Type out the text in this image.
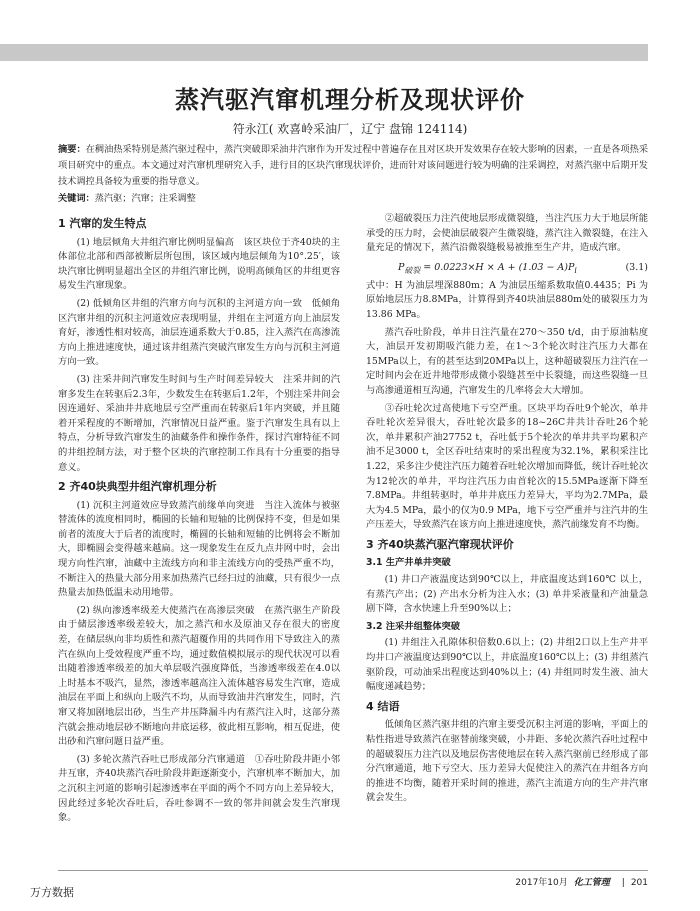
蒸汽驱汽窜机理分析及现状评价

符永江( 欢喜岭采油厂，辽宁 盘锦 124114)

摘要：在稠油热采特别是蒸汽驱过程中，蒸汽突破即采油井汽窜作为开发过程中普遍存在且对区块开发效果存在较大影响的因素，一直是各项热采项目研究中的重点。本文通过对汽窜机理研究入手，进行目的区块汽窜现状评价，进而针对该问题进行较为明确的注采调控，对蒸汽驱中后期开发技术调控具备较为重要的指导意义。

关键词：蒸汽驱；汽窜；注采调整

1 汽窜的发生特点

(1) 地层倾角大井组汽窜比例明显偏高　该区块位于齐40块的主体部位北部和西部被断层所包围，该区域内地层倾角为10°.25′，该块汽窜比例明显超出全区的井组汽窜比例，说明高倾角区的井组更容易发生汽窜现象。

(2) 低倾角区井组的汽窜方向与沉积的主河道方向一致　低倾角区汽窜井组的沉积主河道效应表现明显，并组在主河道方向上油层发育好，渗透性相对较高，油层连通系数大于0.85，注入蒸汽在高渗流方向上推进速度快，通过该井组蒸汽突破汽窜发生方向与沉积主河道方向一致。

(3) 注采井间汽窜发生时间与生产时间差异较大　注采井间的汽窜多发生在转驱后2.3年，少数发生在转驱后1.2年，个别注采井间会因连通好、采油井井底地层亏空严重而在转驱后1年内突破，并且随着开采程度的不断增加，汽窜情况日益严重。鉴于汽窜发生具有以上特点，分析导致汽窜发生的油藏条件和操作条件，探讨汽窜特征不同的井组控制方法，对于整个区块的汽窜控制工作具有十分重要的指导意义。

2 齐40块典型井组汽窜机理分析

(1) 沉积主河道效应导致蒸汽前缘单向突进　当注入流体与被驱替流体的流度相同时，椭圆的长轴和短轴的比例保持不变，但是如果前者的流度大于后者的流度时，椭圆的长轴和短轴的比例将会不断加大，即椭圆会变得越来越扁。这一现象发生在反九点井网中时，会出现方向性汽窜，油藏中主流线方向和非主流线方向的受热严重不均，不断注入的热量大部分用来加热蒸汽已经扫过的油藏，只有很少一点热量去加热低温未动用地带。

(2) 纵向渗透率级差大使蒸汽在高渗层突破　在蒸汽驱生产阶段由于储层渗透率级差较大，加之蒸汽和水及原油又存在很大的密度差，在储层纵向非均质性和蒸汽超覆作用的共同作用下导致注入的蒸汽在纵向上受效程度严重不均，通过数值模拟展示的现代状况可以看出随着渗透率级差的加大单层吸汽强度降低，当渗透率级差在4.0以上时基本不吸汽，显然，渗透率越高注入流体越容易发生汽窜，造成油层在平面上和纵向上吸汽不均，从而导致油井汽窜发生，同时，汽窜又将加剧地层出砂，当生产井压降漏斗内有蒸汽注入时，这部分蒸汽就会推动地层砂不断地向井底运移，彼此相互影响，相互促进，使出砂和汽窜问题日益严重。

(3) 多轮次蒸汽吞吐已形成部分汽窜通道　①吞吐阶段井距小邻井互窜，齐40块蒸汽吞吐阶段井距逐渐变小，汽窜机率不断加大，加之沉积主河道的影响引起渗透率在平面的两个不同方向上差异较大，因此经过多轮次吞吐后，吞吐参调不一致的邻井间就会发生汽窜现象。

②超破裂压力注汽使地层形成微裂缝，当注汽压力大于地层所能承受的压力时，会使油层破裂产生微裂缝，蒸汽注入微裂缝，在注入量充足的情况下，蒸汽沿微裂缝极易被推至生产井，造成汽窜。

$P_{破裂} = 0.0223\times H \times A + (1.03 - A)P_i$	(3.1)

式中：H 为油层埋深880m；A 为油层压缩系数取值0.4435；Pi 为原始地层压力8.8MPa，计算得到齐40块油层880m处的破裂压力为13.86 MPa。

蒸汽吞吐阶段，单井日注汽量在270～350 t/d，由于原油粘度大，油层开发初期吸汽能力差，在1～3个轮次时注汽压力大都在15MPa以上，有的甚至达到20MPa以上，这种超破裂压力注汽在一定时间内会在近井地带形成微小裂缝甚至中长裂缝，而这些裂缝一旦与高渗通道相互沟通，汽窜发生的几率将会大大增加。

③吞吐轮次过高使地下亏空严重。区块平均吞吐9个轮次，单井吞吐轮次差异很大，吞吐轮次最多的18~26C井共计吞吐26个轮次，单井累积产油27752 t，吞吐低于5个轮次的单井共平均累积产油不足3000 t，全区吞吐结束时的采出程度为32.1%，累积采注比1.22，采多注少使注汽压力随着吞吐轮次增加而降低，统计吞吐轮次为12轮次的单井，平均注汽压力由首轮次的15.5MPa逐渐下降至7.8MPa。井组转驱时，单井井底压力差异大，平均为2.7MPa，最大为4.5 MPa，最小的仅为0.9 MPa，地下亏空严重并与注汽井的生产压差大，导致蒸汽在该方向上推进速度快，蒸汽前缘发育不均衡。

3 齐40块蒸汽驱汽窜现状评价
3.1 生产井单井突破

(1) 井口产液温度达到90℃以上，井底温度达到160℃ 以上，有蒸汽产出；(2) 产出水分析为注入水；(3) 单井采液量和产油量急剧下降，含水快速上升至90%以上；

3.2 注采井组整体突破

(1) 井组注入孔隙体积倍数0.6以上；(2) 井组2口以上生产井平均井口产液温度达到90℃以上，井底温度160℃以上；(3) 井组蒸汽驱阶段，可动油采出程度达到40%以上；(4) 井组同时发生液、油大幅度递减趋势；

4 结语

低倾角区蒸汽驱井组的汽窜主要受沉积主河道的影响，平面上的粘性指进导致蒸汽在驱替前缘突破，小井距、多轮次蒸汽吞吐过程中的超破裂压力注汽以及地层伤害使地层在转入蒸汽驱前已经形成了部分汽窜通道，地下亏空大、压力差异大促使注入的蒸汽在井组各方向的推进不均衡，随着开采时间的推进，蒸汽主流道方向的生产井汽窜就会发生。

2017年10月 化工管理 | 201
万方数据
